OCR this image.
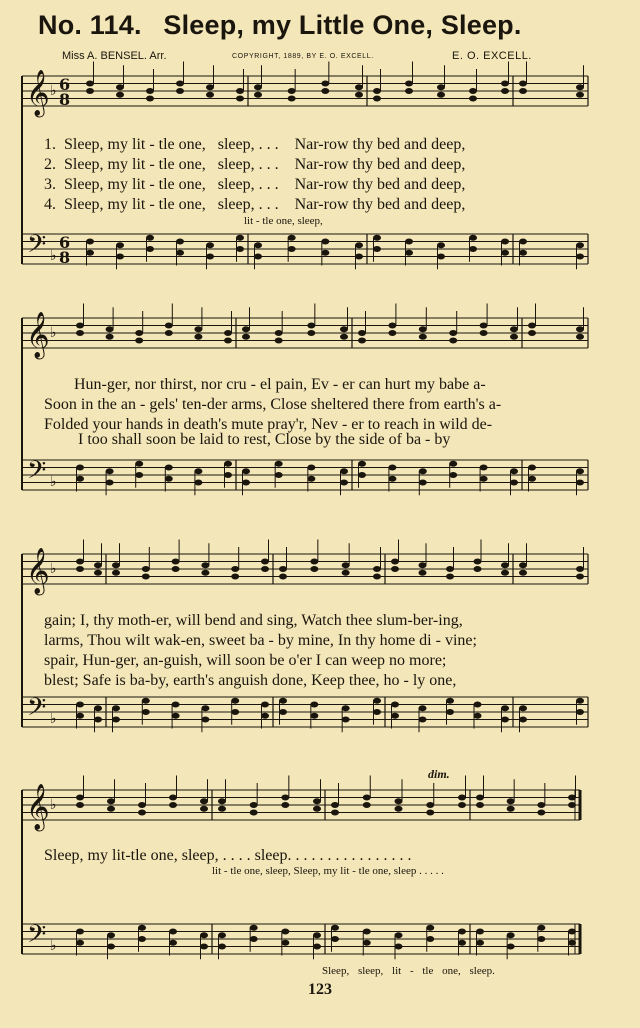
No. 114. Sleep, my Little One, Sleep.
Miss A. BENSEL. Arr.	COPYRIGHT, 1889, BY E. O. EXCELL.	E. O. EXCELL.
𝄞
𝄢
♭
♭
6
8
6
8
𝄞
𝄢
♭
♭
𝄞
𝄢
♭
♭
𝄞
𝄢
♭
♭
1. Sleep, my lit - tle one, sleep, . . . Nar-row thy bed and deep,
2. Sleep, my lit - tle one, sleep, . . . Nar-row thy bed and deep,
3. Sleep, my lit - tle one, sleep, . . . Nar-row thy bed and deep,
4. Sleep, my lit - tle one, sleep, . . . Nar-row thy bed and deep,
lit - tle one, sleep,
Hun-ger, nor thirst, nor cru - el pain, Ev - er can hurt my babe a-
Soon in the an - gels' ten-der arms, Close sheltered there from earth's a-
Folded your hands in death's mute pray'r, Nev - er to reach in wild de-
I too shall soon be laid to rest, Close by the side of ba - by
gain; I, thy moth-er, will bend and sing, Watch thee slum-ber-ing,
larms, Thou wilt wak-en, sweet ba - by mine, In thy home di - vine;
spair, Hun-ger, an-guish, will soon be o'er I can weep no more;
blest; Safe is ba-by, earth's anguish done, Keep thee, ho - ly one,
dim.
Sleep, my lit-tle one, sleep, . . . . sleep. . . . . . . . . . . . . . . .
lit - tle one, sleep, Sleep, my lit - tle one, sleep . . . . .
Sleep, sleep, lit - tle one, sleep.
123
